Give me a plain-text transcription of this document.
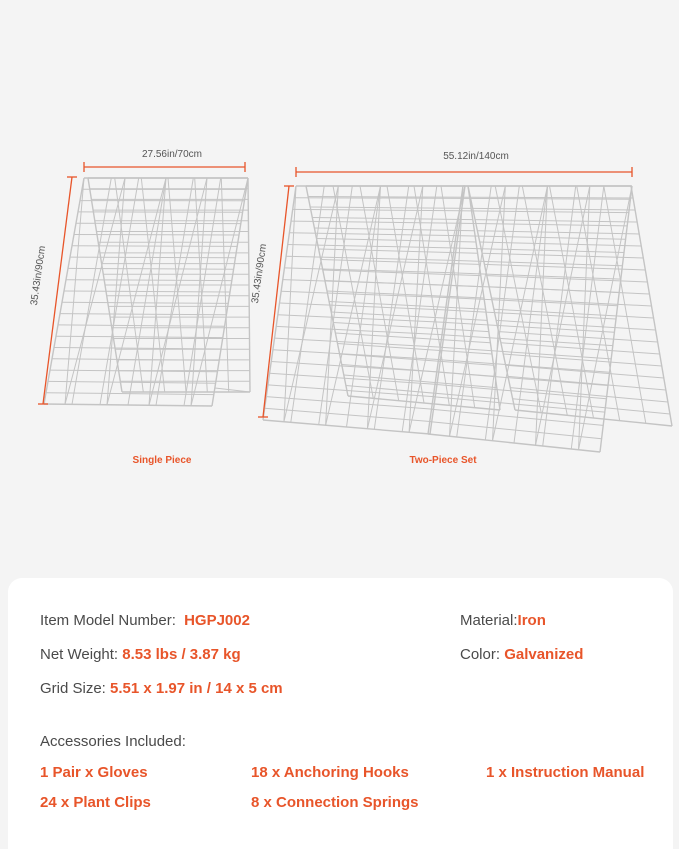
27.56in/70cm
35.43in/90cm
55.12in/140cm
35.43in/90cm
Single Piece	Two-Piece Set
Item Model Number: HGPJ002
Net Weight: 8.53 lbs / 3.87 kg
Grid Size: 5.51 x 1.97 in / 14 x 5 cm
Material:Iron
Color: Galvanized
Accessories Included:
1 Pair x Gloves	18 x Anchoring Hooks	1 x Instruction Manual
24 x Plant Clips	8 x Connection Springs
